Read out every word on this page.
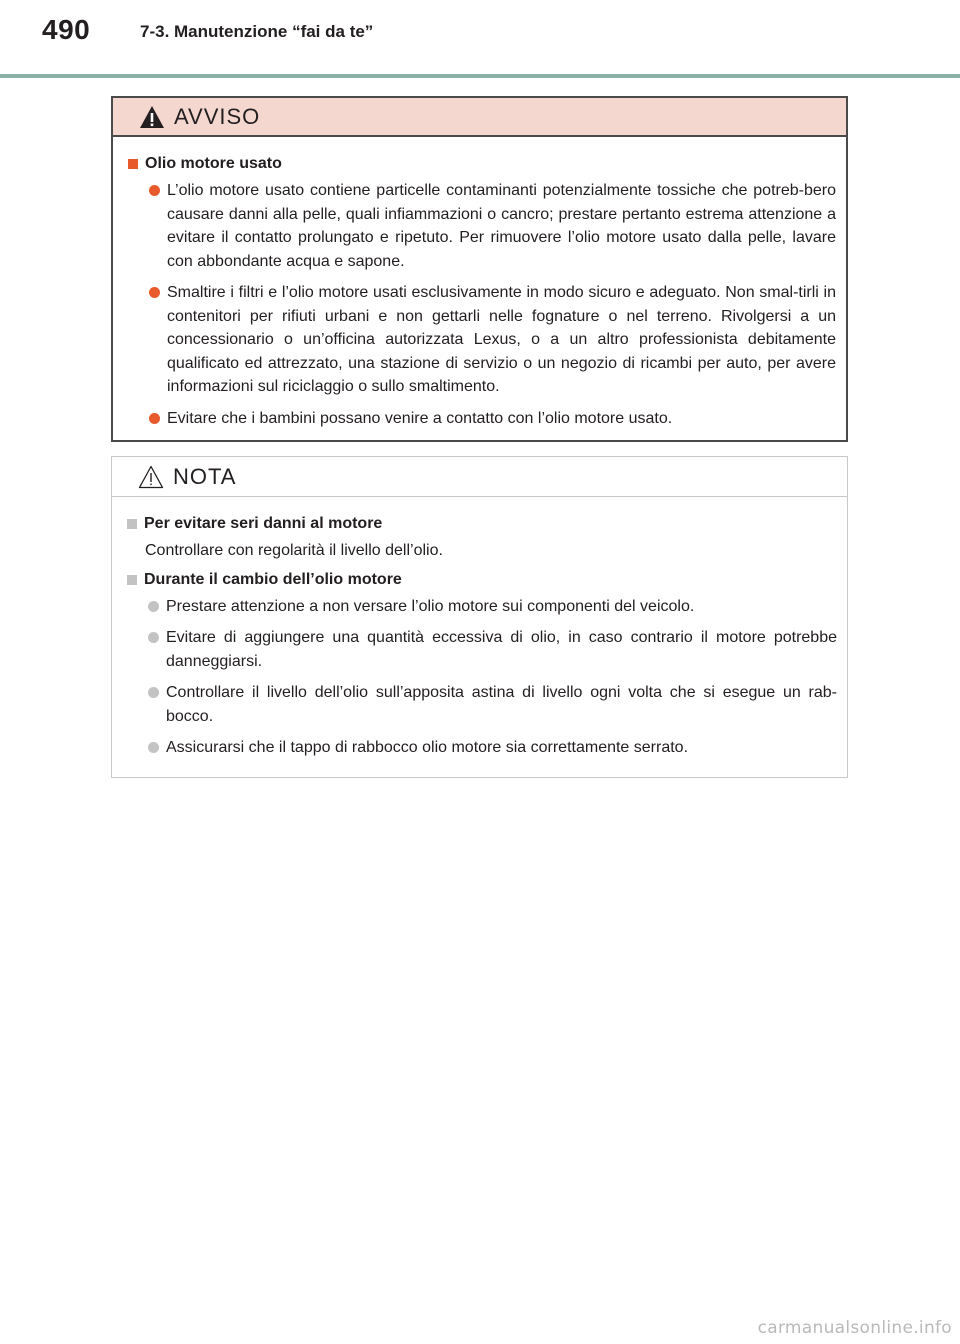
490	7-3. Manutenzione “fai da te”
AVVISO
Olio motore usato

L’olio motore usato contiene particelle contaminanti potenzialmente tossiche che potreb-bero causare danni alla pelle, quali infiammazioni o cancro; prestare pertanto estrema attenzione a evitare il contatto prolungato e ripetuto. Per rimuovere l’olio motore usato dalla pelle, lavare con abbondante acqua e sapone.

Smaltire i filtri e l’olio motore usati esclusivamente in modo sicuro e adeguato. Non smal-tirli in contenitori per rifiuti urbani e non gettarli nelle fognature o nel terreno. Rivolgersi a un concessionario o un’officina autorizzata Lexus, o a un altro professionista debitamente qualificato ed attrezzato, una stazione di servizio o un negozio di ricambi per auto, per avere informazioni sul riciclaggio o sullo smaltimento.

Evitare che i bambini possano venire a contatto con l’olio motore usato.

NOTA
Per evitare seri danni al motore

Controllare con regolarità il livello dell’olio.

Durante il cambio dell’olio motore

Prestare attenzione a non versare l’olio motore sui componenti del veicolo.

Evitare di aggiungere una quantità eccessiva di olio, in caso contrario il motore potrebbe danneggiarsi.

Controllare il livello dell’olio sull’apposita astina di livello ogni volta che si esegue un rab-bocco.

Assicurarsi che il tappo di rabbocco olio motore sia correttamente serrato.

carmanualsonline.info
